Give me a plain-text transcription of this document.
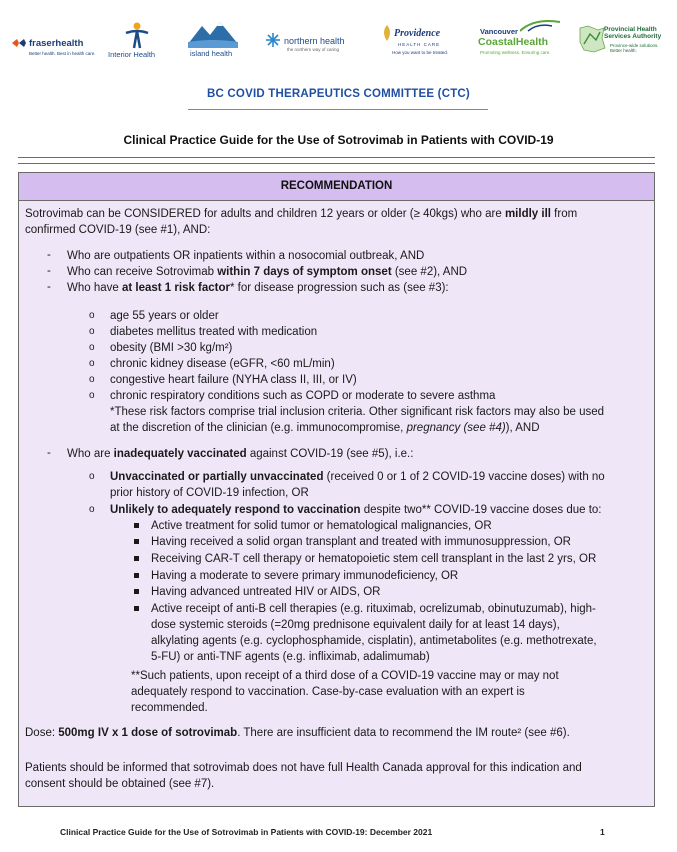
fraserhealth
Better health. Best in health care. Interior Health	island health
northern health
the northern way of caring
Providence
HEALTH CARE
How you want to be treated.
Vancouver
CoastalHealth
Promoting wellness. Ensuring care.
Provincial Health Services Authority
Province-wide solutions. Better health.
BC COVID THERAPEUTICS COMMITTEE (CTC)
Clinical Practice Guide for the Use of Sotrovimab in Patients with COVID-19
RECOMMENDATION
Sotrovimab can be CONSIDERED for adults and children 12 years or older (≥ 40kgs) who are mildly ill from
confirmed COVID-19 (see #1), AND:
- Who are outpatients OR inpatients within a nosocomial outbreak, AND
- Who can receive Sotrovimab within 7 days of symptom onset (see #2), AND
- Who have at least 1 risk factor* for disease progression such as (see #3):
o age 55 years or older
o diabetes mellitus treated with medication
o obesity (BMI >30 kg/m²)
o chronic kidney disease (eGFR, <60 mL/min)
o congestive heart failure (NYHA class II, III, or IV)
o chronic respiratory conditions such as COPD or moderate to severe asthma
*These risk factors comprise trial inclusion criteria. Other significant risk factors may also be used
at the discretion of the clinician (e.g. immunocompromise, pregnancy (see #4)), AND
- Who are inadequately vaccinated against COVID-19 (see #5), i.e.:
o Unvaccinated or partially unvaccinated (received 0 or 1 of 2 COVID-19 vaccine doses) with no
prior history of COVID-19 infection, OR
o Unlikely to adequately respond to vaccination despite two** COVID-19 vaccine doses due to:
Active treatment for solid tumor or hematological malignancies, OR
Having received a solid organ transplant and treated with immunosuppression, OR
Receiving CAR-T cell therapy or hematopoietic stem cell transplant in the last 2 yrs, OR
Having a moderate to severe primary immunodeficiency, OR
Having advanced untreated HIV or AIDS, OR
Active receipt of anti-B cell therapies (e.g. rituximab, ocrelizumab, obinutuzumab), high-
dose systemic steroids (=20mg prednisone equivalent daily for at least 14 days),
alkylating agents (e.g. cyclophosphamide, cisplatin), antimetabolites (e.g. methotrexate,
5-FU) or anti-TNF agents (e.g. infliximab, adalimumab)
**Such patients, upon receipt of a third dose of a COVID-19 vaccine may or may not
adequately respond to vaccination. Case-by-case evaluation with an expert is
recommended.
Dose: 500mg IV x 1 dose of sotrovimab. There are insufficient data to recommend the IM route² (see #6).
Patients should be informed that sotrovimab does not have full Health Canada approval for this indication and
consent should be obtained (see #7).
Clinical Practice Guide for the Use of Sotrovimab in Patients with COVID-19: December 2021	1
